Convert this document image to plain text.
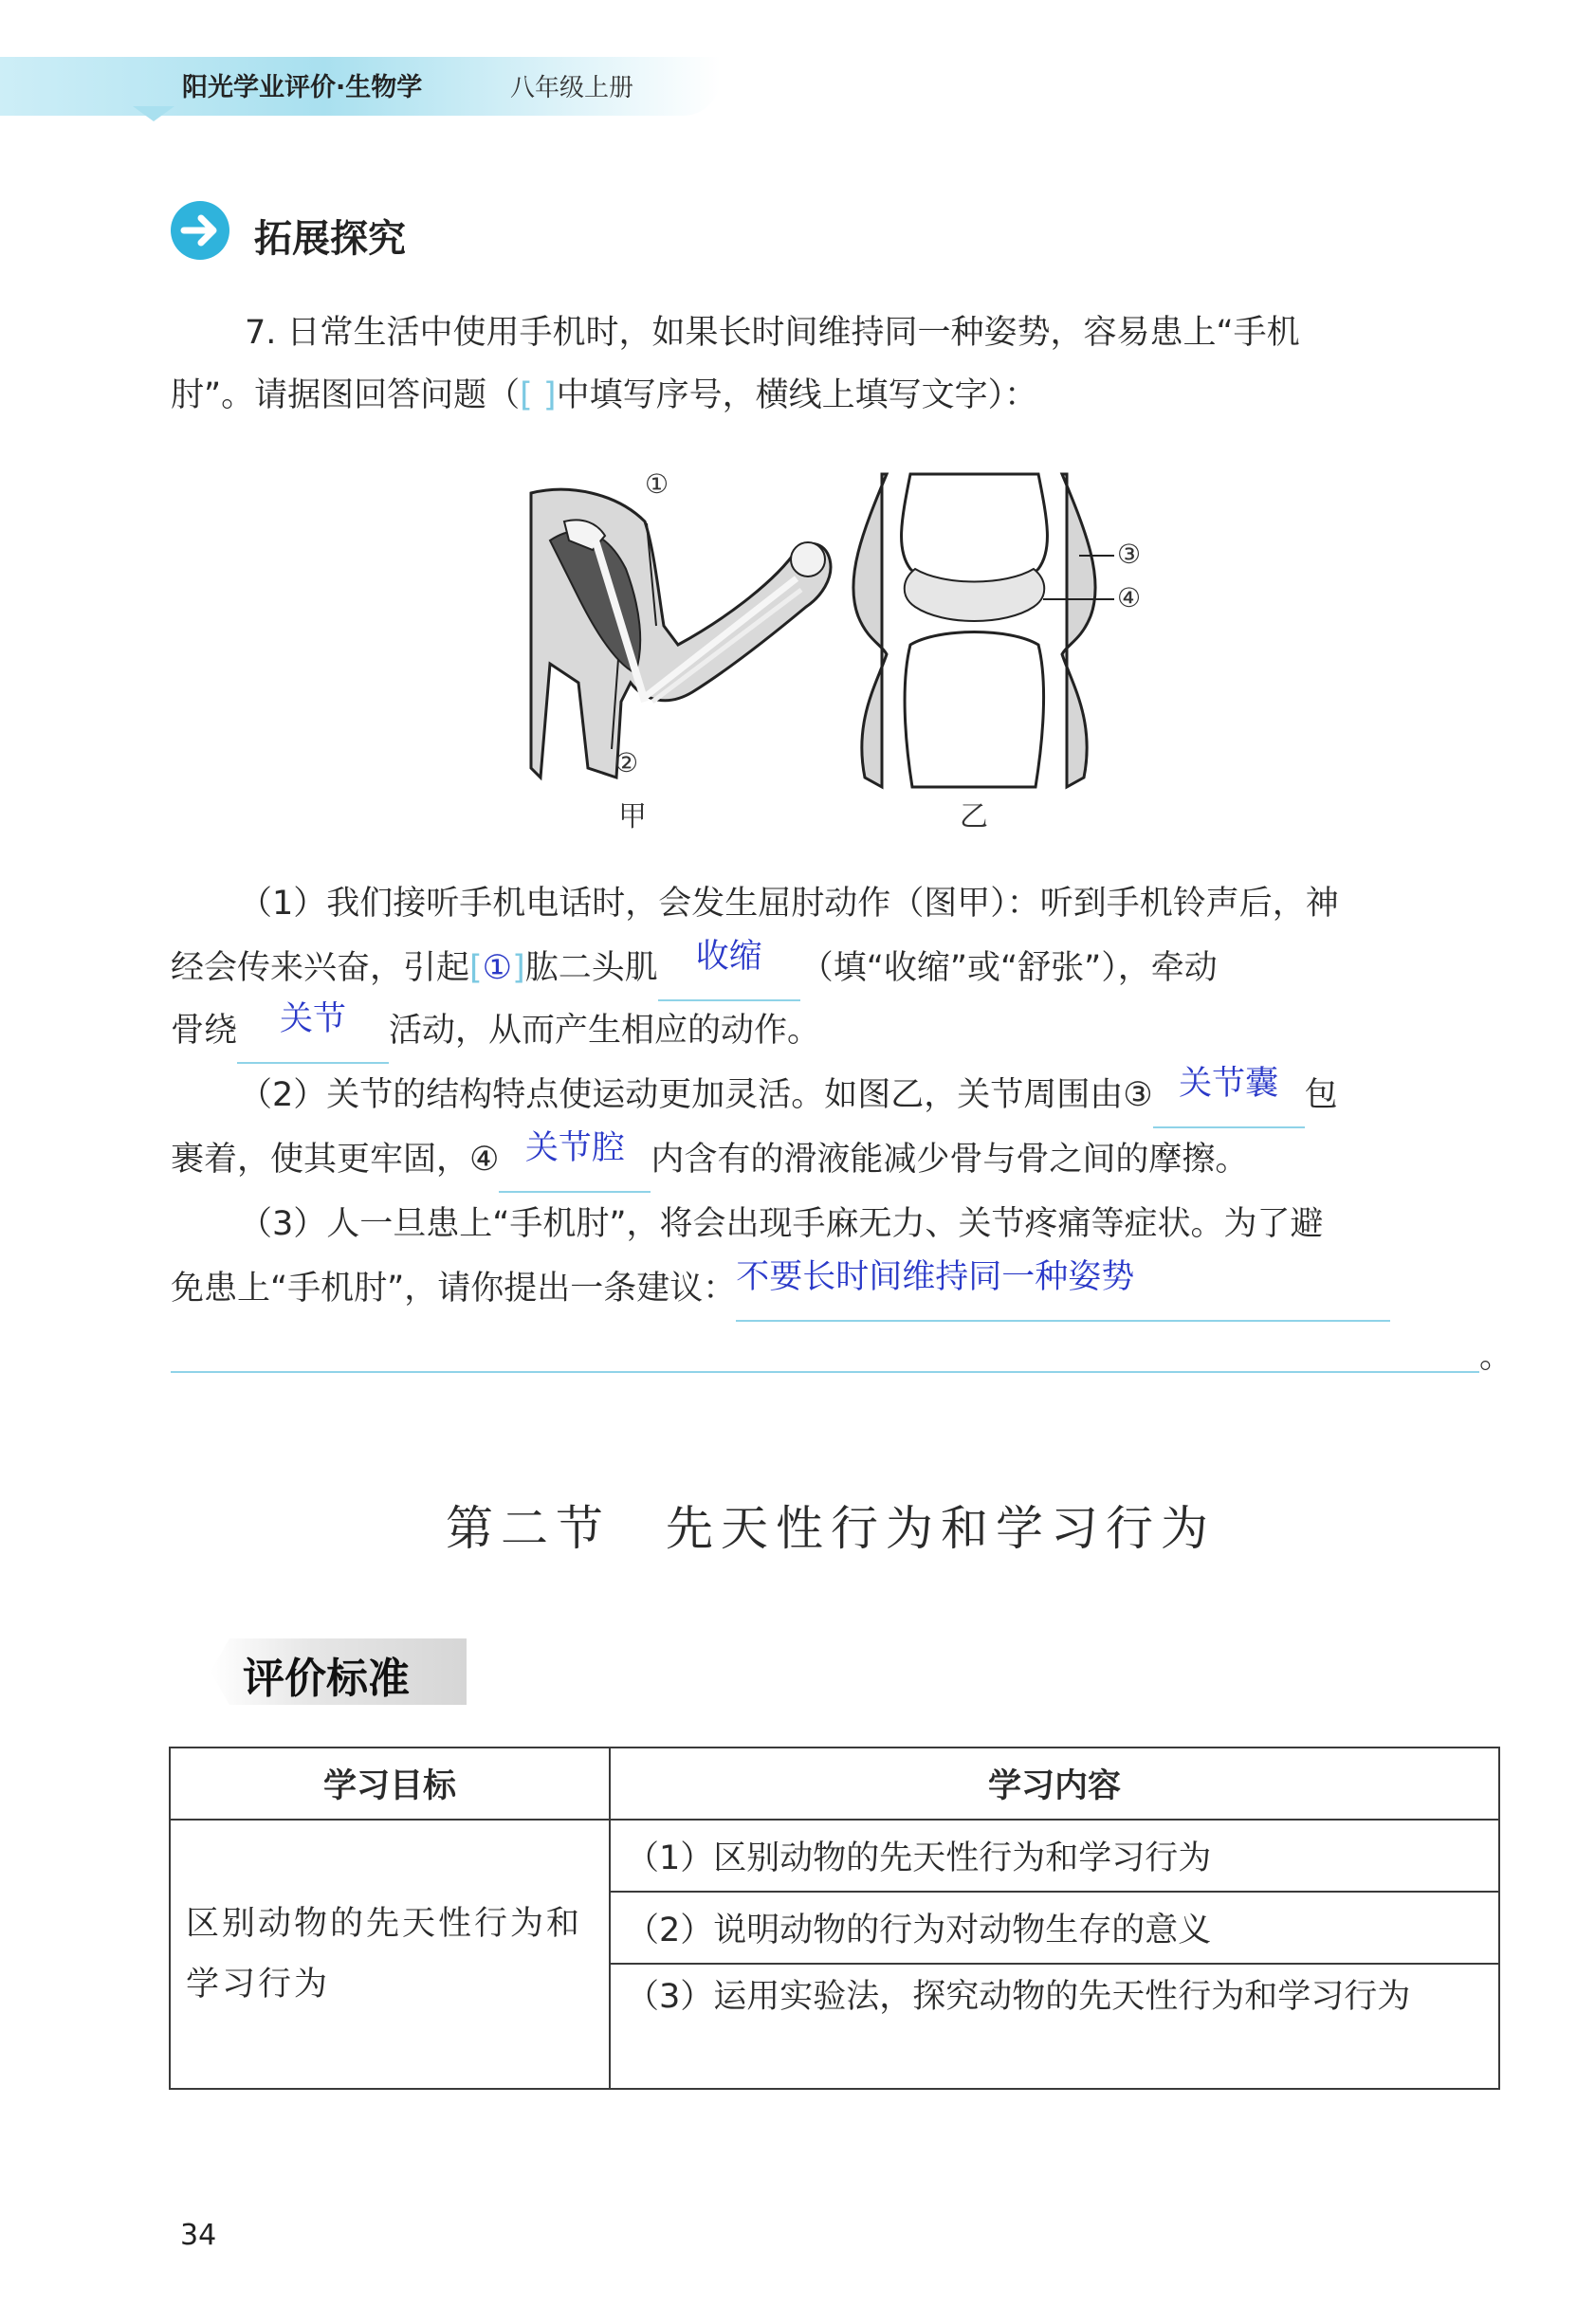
阳光学业评价·生物学	八年级上册
拓展探究
7. 日常生活中使用手机时，如果长时间维持同一种姿势，容易患上“手机
肘”。请据图回答问题（[ ]中填写序号，横线上填写文字）：
①
②
③
④
甲	乙
（1）我们接听手机电话时，会发生屈肘动作（图甲）：听到手机铃声后，神
经会传来兴奋，引起[①]肱二头肌 收缩 （填“收缩”或“舒张”），牵动
骨绕 关节 活动，从而产生相应的动作。
（2）关节的结构特点使运动更加灵活。如图乙，关节周围由③ 关节囊 包
裹着，使其更牢固，④ 关节腔 内含有的滑液能减少骨与骨之间的摩擦。
（3）人一旦患上“手机肘”，将会出现手麻无力、关节疼痛等症状。为了避
免患上“手机肘”，请你提出一条建议：不要长时间维持同一种姿势
。
第二节　先天性行为和学习行为
评价标准
学习目标	学习内容
区别动物的先天性行为和学习行为	（1）区别动物的先天性行为和学习行为
	（2）说明动物的行为对动物生存的意义
	（3）运用实验法，探究动物的先天性行为和学习行为
34
